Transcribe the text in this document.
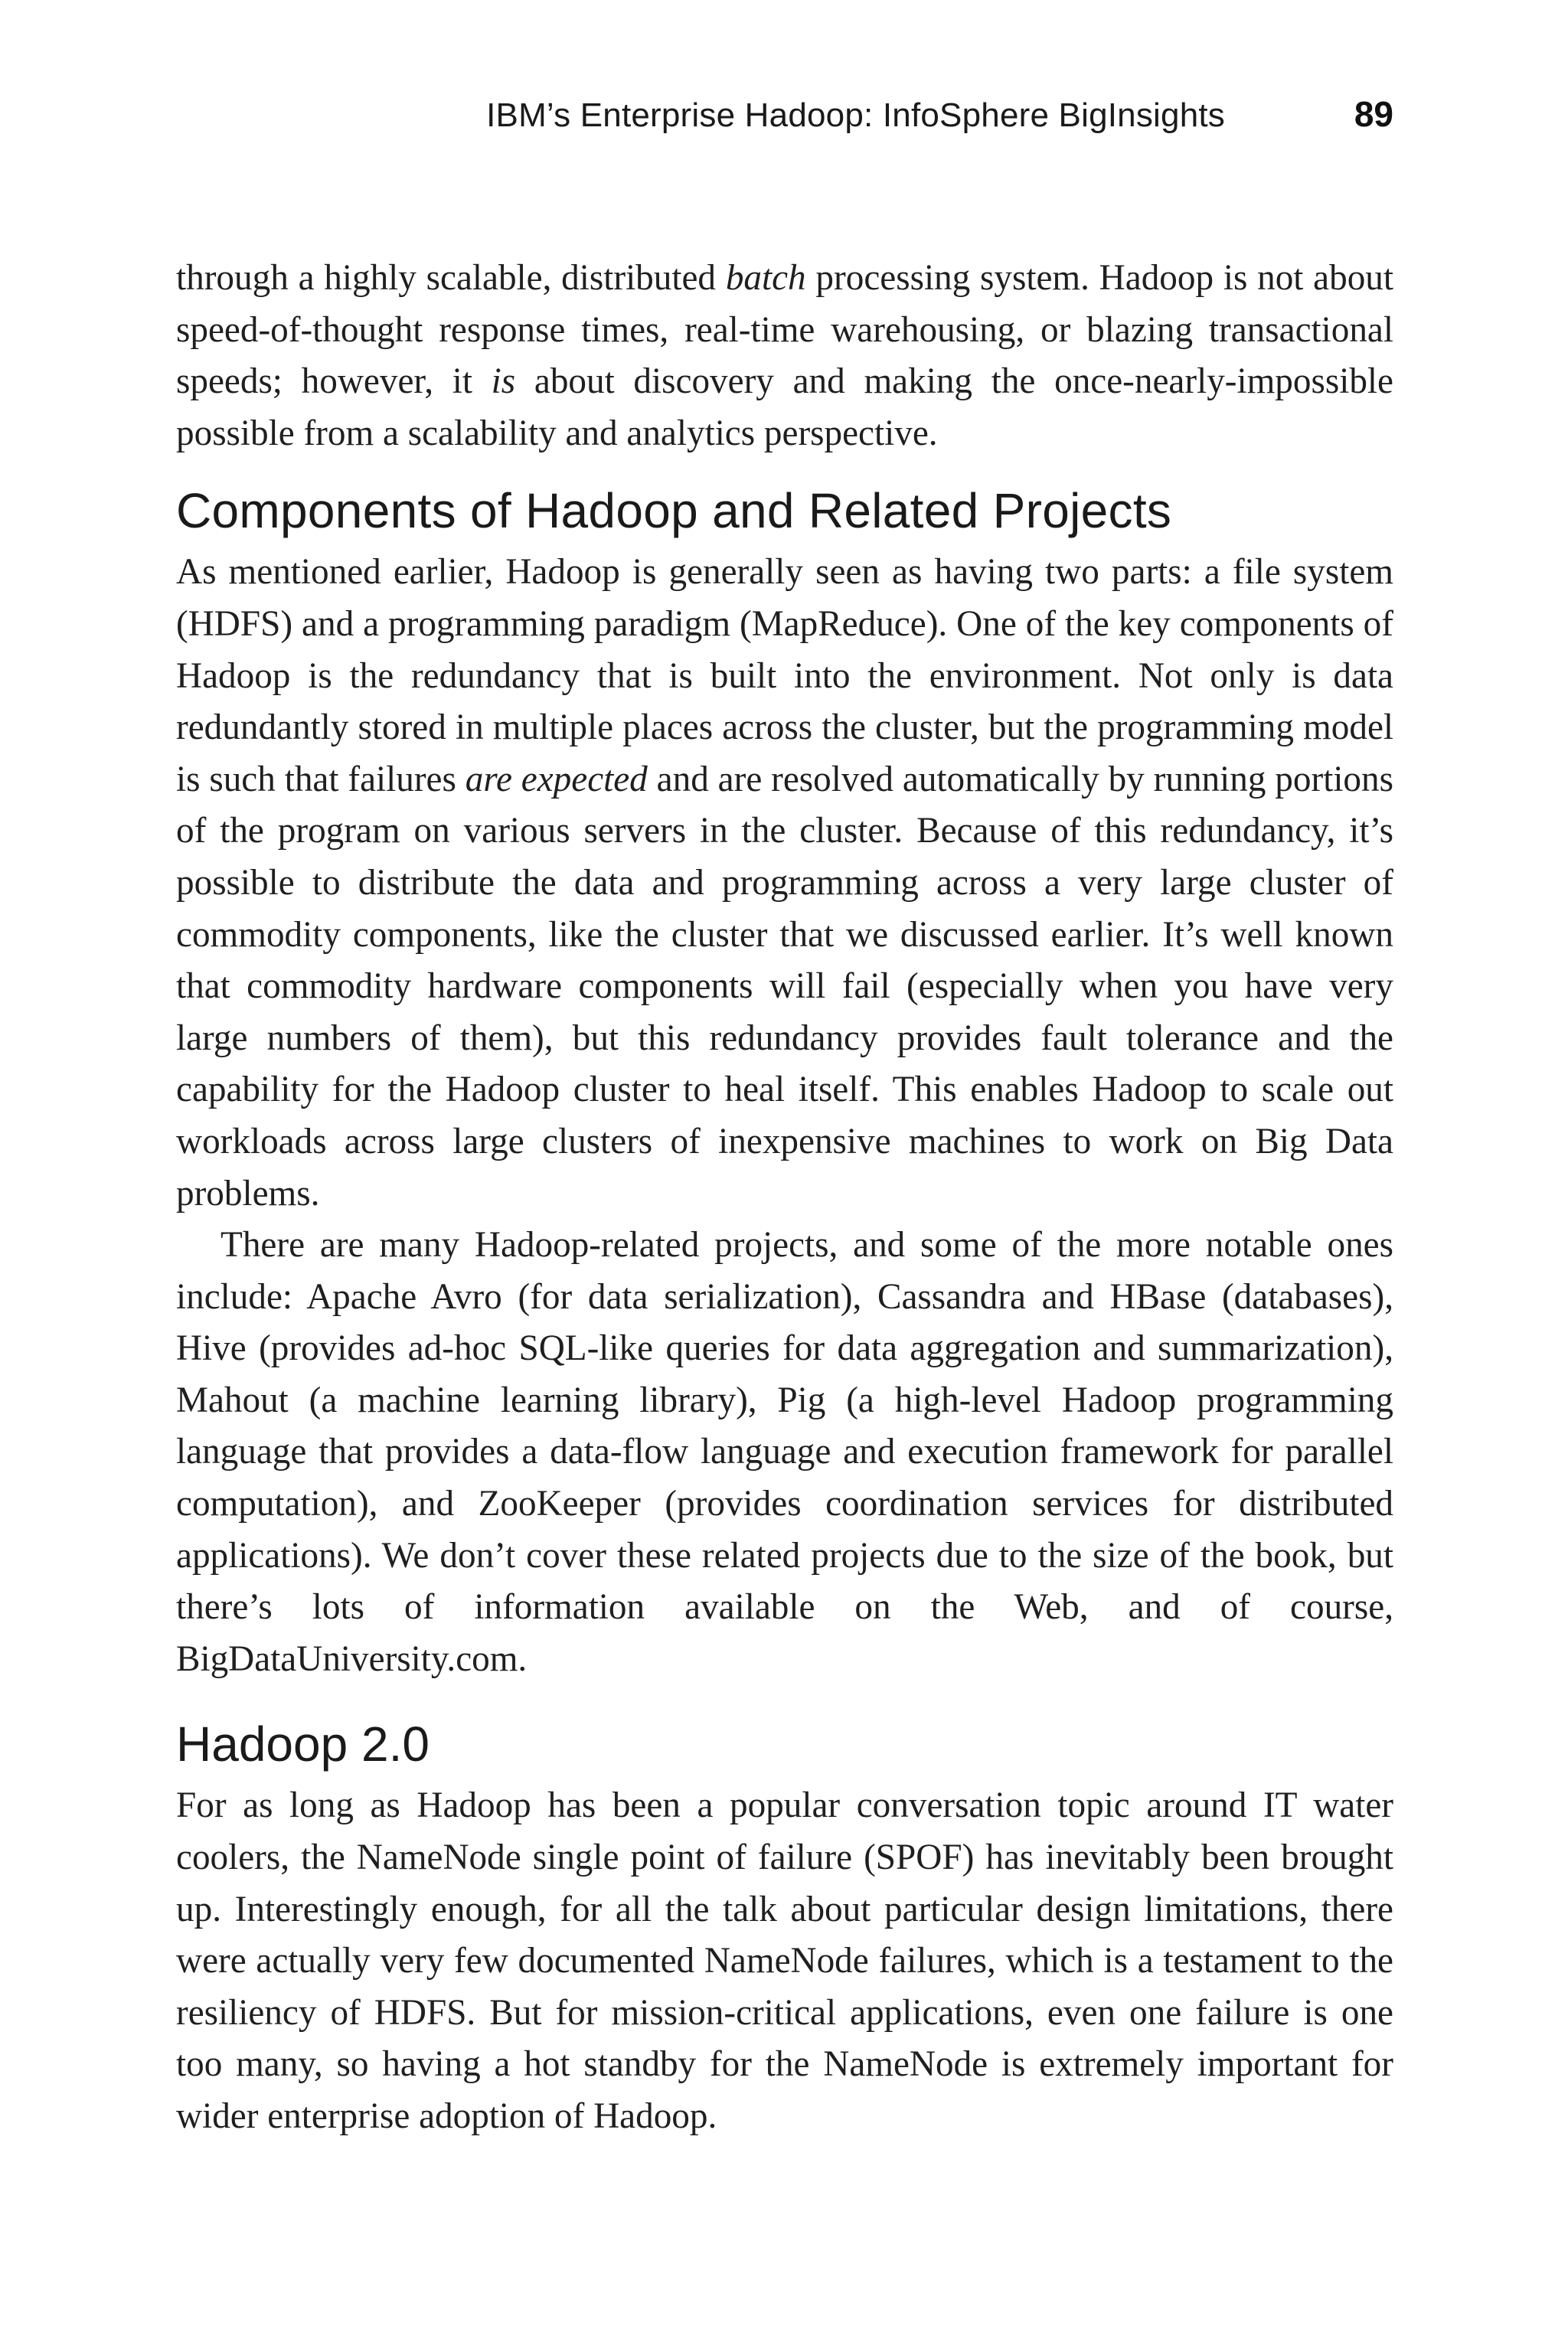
IBM’s Enterprise Hadoop: InfoSphere BigInsights	89

through a highly scalable, distributed batch processing system. Hadoop is not about speed-of-thought response times, real-time warehousing, or blazing transactional speeds; however, it is about discovery and making the once-nearly-impossible possible from a scalability and analytics perspective.

Components of Hadoop and Related Projects

As mentioned earlier, Hadoop is generally seen as having two parts: a file system (HDFS) and a programming paradigm (MapReduce). One of the key components of Hadoop is the redundancy that is built into the environment. Not only is data redundantly stored in multiple places across the cluster, but the programming model is such that failures are expected and are resolved automatically by running portions of the program on various servers in the cluster. Because of this redundancy, it’s possible to distribute the data and programming across a very large cluster of commodity components, like the cluster that we discussed earlier. It’s well known that commodity hardware components will fail (especially when you have very large numbers of them), but this redundancy provides fault tolerance and the capability for the Hadoop cluster to heal itself. This enables Hadoop to scale out workloads across large clusters of inexpensive machines to work on Big Data problems.

There are many Hadoop-related projects, and some of the more notable ones include: Apache Avro (for data serialization), Cassandra and HBase (databases), Hive (provides ad-hoc SQL-like queries for data aggregation and summarization), Mahout (a machine learning library), Pig (a high-level Hadoop programming language that provides a data-flow language and execution framework for parallel computation), and ZooKeeper (provides coordination services for distributed applications). We don’t cover these related projects due to the size of the book, but there’s lots of information available on the Web, and of course, BigDataUniversity.com.

Hadoop 2.0

For as long as Hadoop has been a popular conversation topic around IT water coolers, the NameNode single point of failure (SPOF) has inevitably been brought up. Interestingly enough, for all the talk about particular design limitations, there were actually very few documented NameNode failures, which is a testament to the resiliency of HDFS. But for mission-critical applications, even one failure is one too many, so having a hot standby for the NameNode is extremely important for wider enterprise adoption of Hadoop.
